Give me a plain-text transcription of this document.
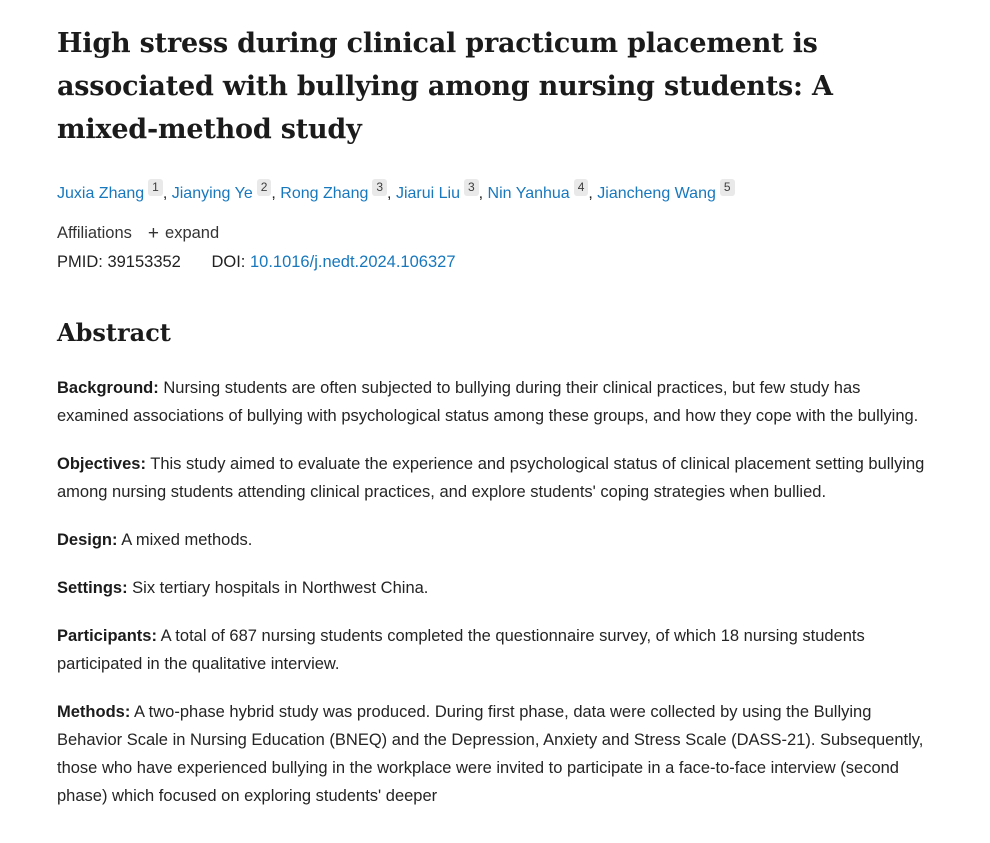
High stress during clinical practicum placement is associated with bullying among nursing students: A mixed-method study
Juxia Zhang 1 , Jianying Ye 2 , Rong Zhang 3 , Jiarui Liu 3 , Nin Yanhua 4 , Jiancheng Wang 5
Affiliations + expand
PMID: 39153352 DOI: 10.1016/j.nedt.2024.106327
Abstract

Background: Nursing students are often subjected to bullying during their clinical practices, but few study has examined associations of bullying with psychological status among these groups, and how they cope with the bullying.

Objectives: This study aimed to evaluate the experience and psychological status of clinical placement setting bullying among nursing students attending clinical practices, and explore students' coping strategies when bullied.

Design: A mixed methods.

Settings: Six tertiary hospitals in Northwest China.

Participants: A total of 687 nursing students completed the questionnaire survey, of which 18 nursing students participated in the qualitative interview.

Methods: A two-phase hybrid study was produced. During first phase, data were collected by using the Bullying Behavior Scale in Nursing Education (BNEQ) and the Depression, Anxiety and Stress Scale (DASS-21). Subsequently, those who have experienced bullying in the workplace were invited to participate in a face-to-face interview (second phase) which focused on exploring students' deeper
